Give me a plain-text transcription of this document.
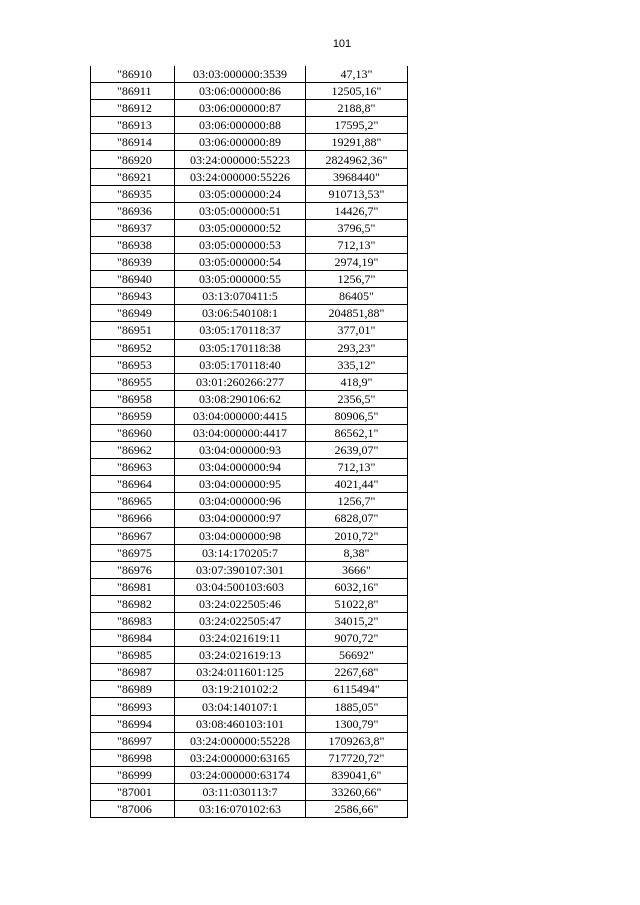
101
"86910	03:03:000000:3539	47,13"
"86911	03:06:000000:86	12505,16"
"86912	03:06:000000:87	2188,8"
"86913	03:06:000000:88	17595,2"
"86914	03:06:000000:89	19291,88"
"86920	03:24:000000:55223	2824962,36"
"86921	03:24:000000:55226	3968440"
"86935	03:05:000000:24	910713,53"
"86936	03:05:000000:51	14426,7"
"86937	03:05:000000:52	3796,5"
"86938	03:05:000000:53	712,13"
"86939	03:05:000000:54	2974,19"
"86940	03:05:000000:55	1256,7"
"86943	03:13:070411:5	86405"
"86949	03:06:540108:1	204851,88"
"86951	03:05:170118:37	377,01"
"86952	03:05:170118:38	293,23"
"86953	03:05:170118:40	335,12"
"86955	03:01:260266:277	418,9"
"86958	03:08:290106:62	2356,5"
"86959	03:04:000000:4415	80906,5"
"86960	03:04:000000:4417	86562,1"
"86962	03:04:000000:93	2639,07"
"86963	03:04:000000:94	712,13"
"86964	03:04:000000:95	4021,44"
"86965	03:04:000000:96	1256,7"
"86966	03:04:000000:97	6828,07"
"86967	03:04:000000:98	2010,72"
"86975	03:14:170205:7	8,38"
"86976	03:07:390107:301	3666"
"86981	03:04:500103:603	6032,16"
"86982	03:24:022505:46	51022,8"
"86983	03:24:022505:47	34015,2"
"86984	03:24:021619:11	9070,72"
"86985	03:24:021619:13	56692"
"86987	03:24:011601:125	2267,68"
"86989	03:19:210102:2	6115494"
"86993	03:04:140107:1	1885,05"
"86994	03:08:460103:101	1300,79"
"86997	03:24:000000:55228	1709263,8"
"86998	03:24:000000:63165	717720,72"
"86999	03:24:000000:63174	839041,6"
"87001	03:11:030113:7	33260,66"
"87006	03:16:070102:63	2586,66"
